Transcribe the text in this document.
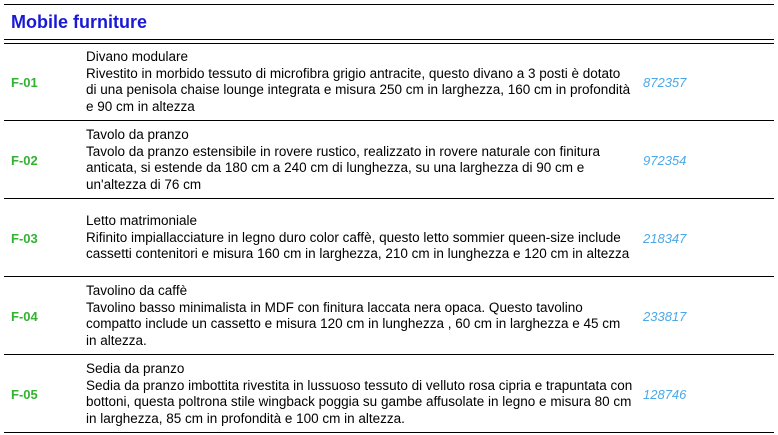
Mobile furniture
F-01
Divano modulare
Rivestito in morbido tessuto di microfibra grigio antracite, questo divano a 3 posti è dotato di una penisola chaise lounge integrata e misura 250 cm in larghezza, 160 cm in profondità e 90 cm in altezza
872357
F-02
Tavolo da pranzo
Tavolo da pranzo estensibile in rovere rustico, realizzato in rovere naturale con finitura anticata, si estende da 180 cm a 240 cm di lunghezza, su una larghezza di 90 cm e un'altezza di 76 cm
972354
F-03
Letto matrimoniale
Rifinito impiallacciature in legno duro color caffè, questo letto sommier queen-size include cassetti contenitori e misura 160 cm in larghezza, 210 cm in lunghezza e 120 cm in altezza
218347
F-04
Tavolino da caffè
Tavolino basso minimalista in MDF con finitura laccata nera opaca. Questo tavolino compatto include un cassetto e misura 120 cm in lunghezza , 60 cm in larghezza e 45 cm in altezza.
233817
F-05
Sedia da pranzo
Sedia da pranzo imbottita rivestita in lussuoso tessuto di velluto rosa cipria e trapuntata con bottoni, questa poltrona stile wingback poggia su gambe affusolate in legno e misura 80 cm in larghezza, 85 cm in profondità e 100 cm in altezza.
128746
